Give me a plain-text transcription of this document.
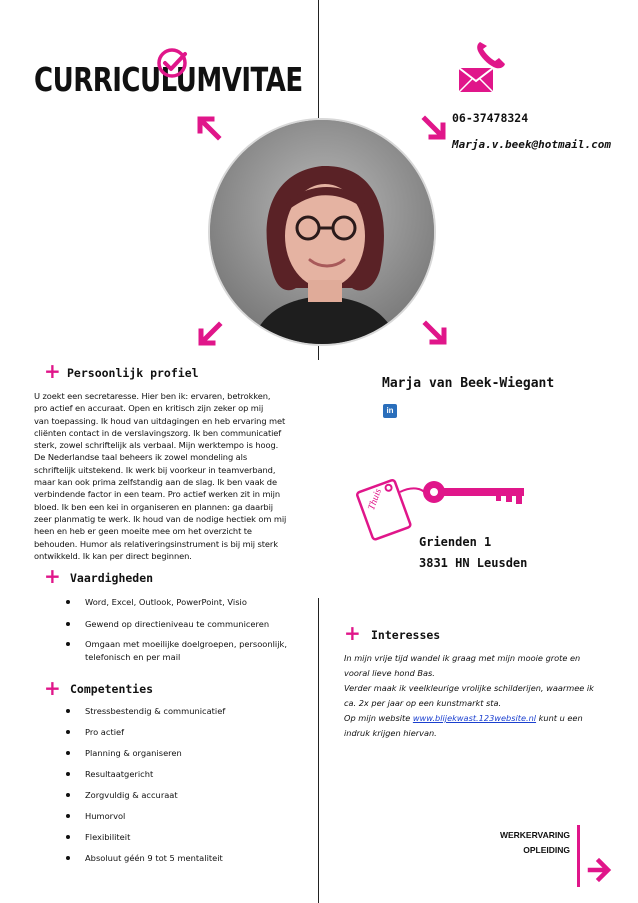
CURRICULUMVITAE
06-37478324
Marja.v.beek@hotmail.com
+ Persoonlijk profiel
U zoekt een secretaresse. Hier ben ik: ervaren, betrokken,
pro actief en accuraat. Open en kritisch zijn zeker op mij
van toepassing. Ik houd van uitdagingen en heb ervaring met
cliënten contact in de verslavingszorg. Ik ben communicatief
sterk, zowel schriftelijk als verbaal. Mijn werktempo is hoog.
De Nederlandse taal beheers ik zowel mondeling als
schriftelijk uitstekend. Ik werk bij voorkeur in teamverband,
maar kan ook prima zelfstandig aan de slag. Ik ben vaak de
verbindende factor in een team. Pro actief werken zit in mijn
bloed. Ik ben een kei in organiseren en plannen: ga daarbij
zeer planmatig te werk. Ik houd van de nodige hectiek om mij
heen en heb er geen moeite mee om het overzicht te
behouden. Humor als relativeringsinstrument is bij mij sterk
ontwikkeld. Ik kan per direct beginnen.
+ Vaardigheden
Word, Excel, Outlook, PowerPoint, Visio
Gewend op directieniveau te communiceren
Omgaan met moeilijke doelgroepen, persoonlijk,
telefonisch en per mail
+ Competenties
Stressbestendig & communicatief
Pro actief
Planning & organiseren
Resultaatgericht
Zorgvuldig & accuraat
Humorvol
Flexibiliteit
Absoluut géén 9 tot 5 mentaliteit
Marja van Beek-Wiegant
in
Thuis
Grienden 1
3831 HN Leusden
+ Interesses
In mijn vrije tijd wandel ik graag met mijn mooie grote en
vooral lieve hond Bas.
Verder maak ik veelkleurige vrolijke schilderijen, waarmee ik
ca. 2x per jaar op een kunstmarkt sta.
Op mijn website www.blijekwast.123website.nl kunt u een
indruk krijgen hiervan.
WERKERVARING
OPLEIDING
